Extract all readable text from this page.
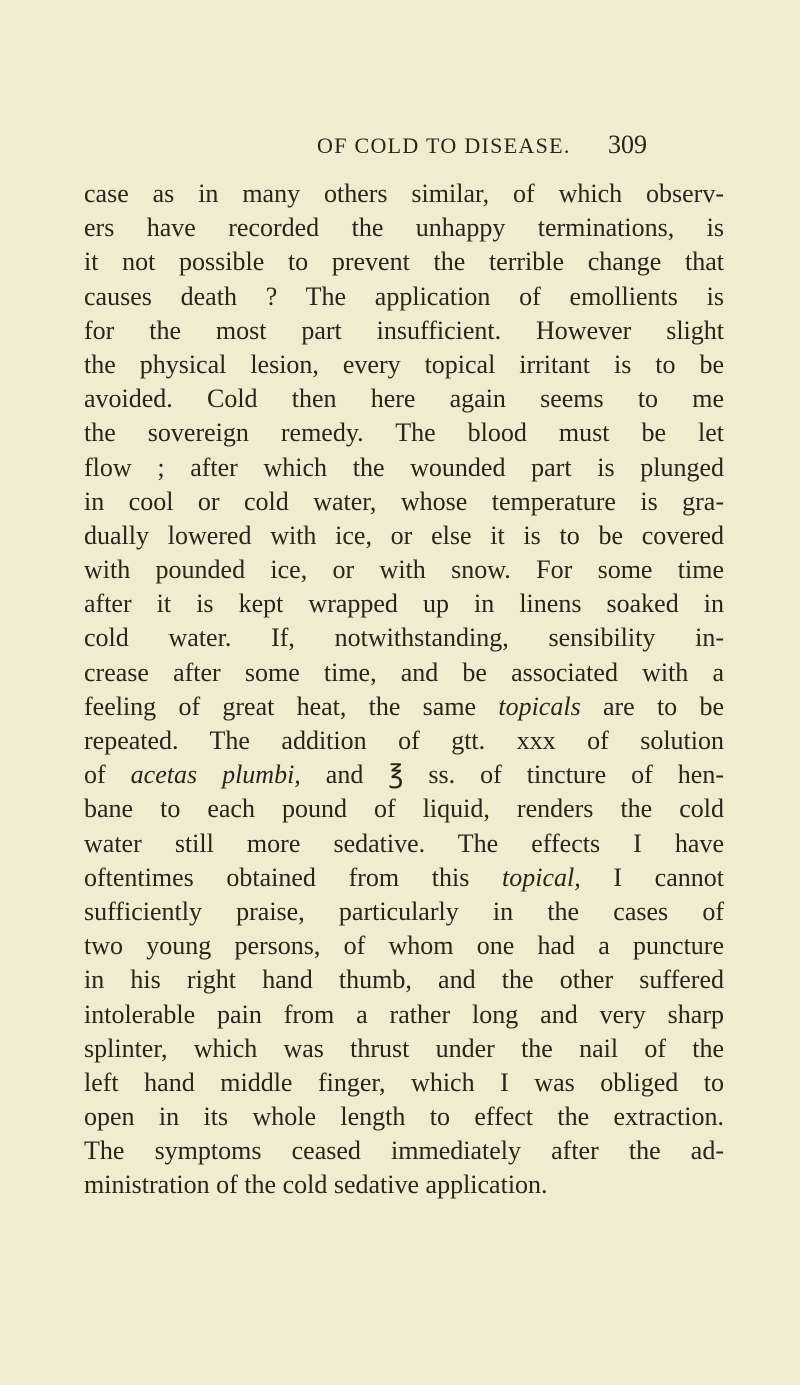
OF COLD TO DISEASE. 309
case as in many others similar, of which observ-
ers have recorded the unhappy terminations, is
it not possible to prevent the terrible change that
causes death ? The application of emollients is
for the most part insufficient. However slight
the physical lesion, every topical irritant is to be
avoided. Cold then here again seems to me
the sovereign remedy. The blood must be let
flow ; after which the wounded part is plunged
in cool or cold water, whose temperature is gra-
dually lowered with ice, or else it is to be covered
with pounded ice, or with snow. For some time
after it is kept wrapped up in linens soaked in
cold water. If, notwithstanding, sensibility in-
crease after some time, and be associated with a
feeling of great heat, the same topicals are to be
repeated. The addition of gtt. xxx of solution
of acetas plumbi, and ℥ ss. of tincture of hen-
bane to each pound of liquid, renders the cold
water still more sedative. The effects I have
oftentimes obtained from this topical, I cannot
sufficiently praise, particularly in the cases of
two young persons, of whom one had a puncture
in his right hand thumb, and the other suffered
intolerable pain from a rather long and very sharp
splinter, which was thrust under the nail of the
left hand middle finger, which I was obliged to
open in its whole length to effect the extraction.
The symptoms ceased immediately after the ad-
ministration of the cold sedative application.
